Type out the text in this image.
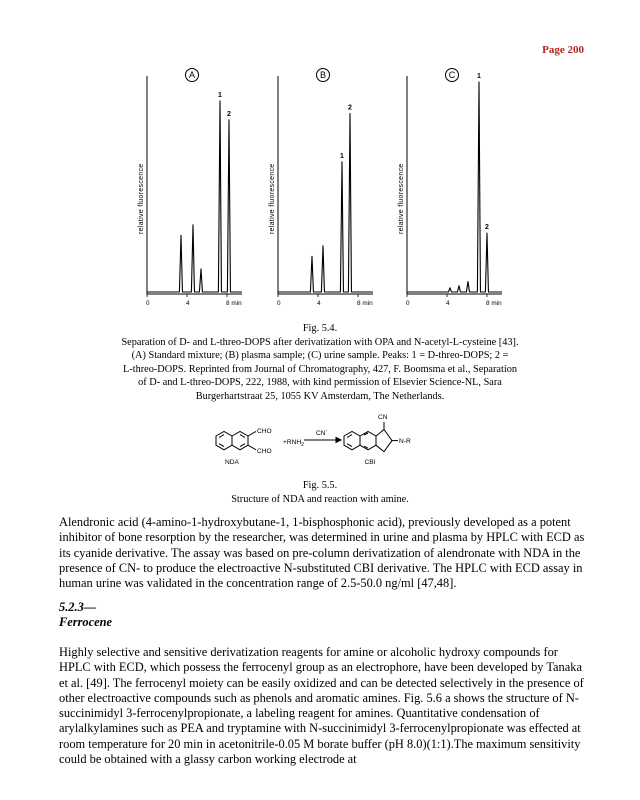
Page 200
0	4	8 min
relative fluorescence
A
1
2
0	4	8 min
relative fluorescence
B
1
2
0	4	8 min
relative fluorescence
C	1
2
Fig. 5.4.
Separation of D- and L-threo-DOPS after derivatization with OPA and N-acetyl-L-cysteine [43].
(A) Standard mixture; (B) plasma sample; (C) urine sample. Peaks: 1 = D-threo-DOPS; 2 =
L-threo-DOPS. Reprinted from Journal of Chromatography, 427, F. Boomsma et al., Separation
of D- and L-threo-DOPS, 222, 1988, with kind permission of Elsevier Science-NL, Sara
Burgerhartstraat 25, 1055 KV Amsterdam, The Netherlands.
CHO
CHO
$+RNH_2$
CN-
CN
N-R
NDA	CBI
Fig. 5.5.
Structure of NDA and reaction with amine.

Alendronic acid (4-amino-1-hydroxybutane-1, 1-bisphosphonic acid), previously developed as a potent inhibitor of bone resorption by the researcher, was determined in urine and plasma by HPLC with ECD as its cyanide derivative. The assay was based on pre-column derivatization of alendronate with NDA in the presence of CN- to produce the electroactive N-substituted CBI derivative. The HPLC with ECD assay in human urine was validated in the concentration range of 2.5-50.0 ng/ml [47,48].

5.2.3—
Ferrocene

Highly selective and sensitive derivatization reagents for amine or alcoholic hydroxy compounds for HPLC with ECD, which possess the ferrocenyl group as an electrophore, have been developed by Tanaka et al. [49]. The ferrocenyl moiety can be easily oxidized and can be detected selectively in the presence of other electroactive compounds such as phenols and aromatic amines. Fig. 5.6 a shows the structure of N-succinimidyl 3-ferrocenylpropionate, a labeling reagent for amines. Quantitative condensation of arylalkylamines such as PEA and tryptamine with N-succinimidyl 3-ferrocenylpropionate was effected at room temperature for 20 min in acetonitrile-0.05 M borate buffer (pH 8.0)(1:1).The maximum sensitivity could be obtained with a glassy carbon working electrode at
